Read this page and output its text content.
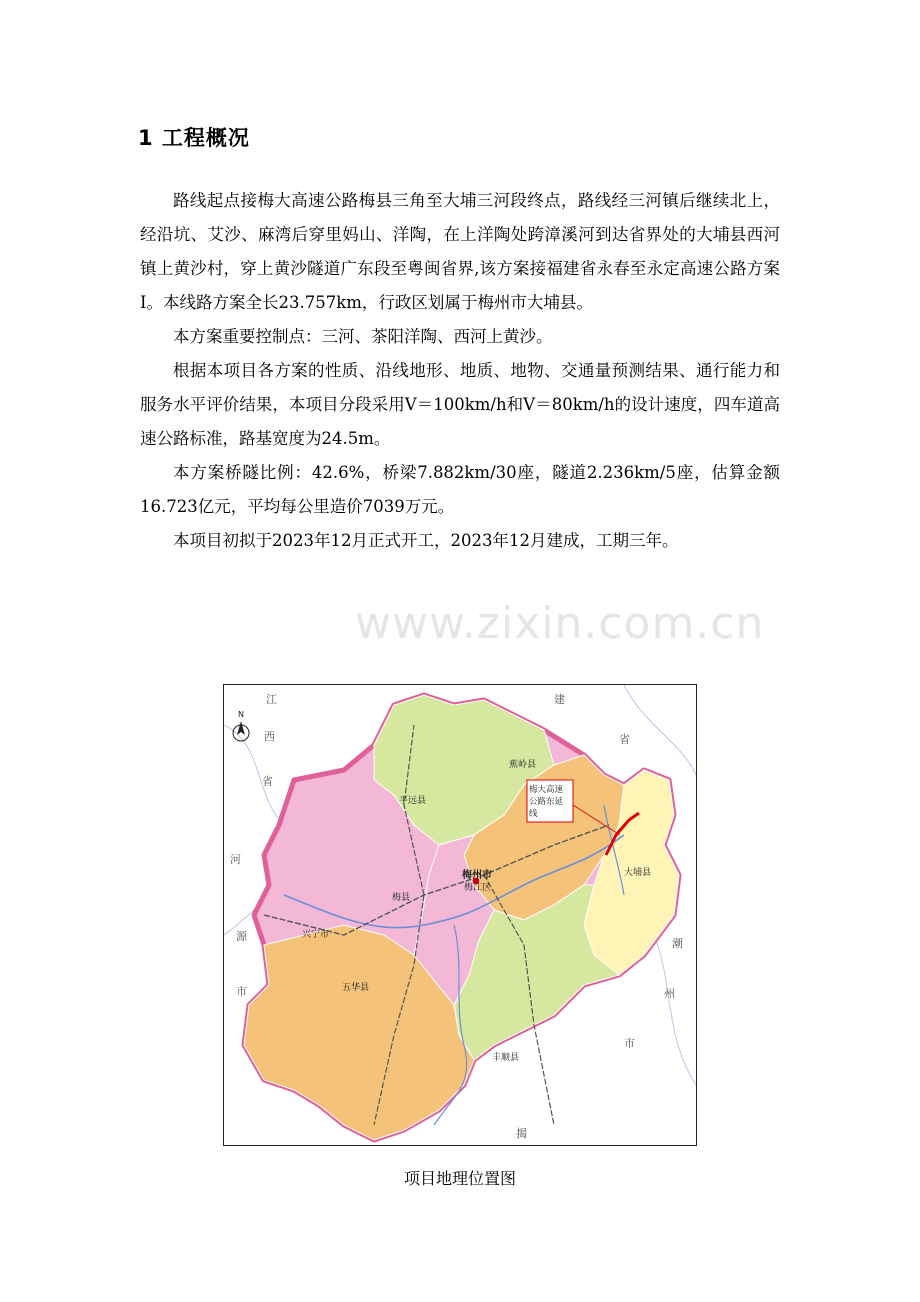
1 工程概况

路线起点接梅大高速公路梅县三角至大埔三河段终点，路线经三河镇后继续北上，经沿坑、艾沙、麻湾后穿里妈山、洋陶，在上洋陶处跨漳溪河到达省界处的大埔县西河镇上黄沙村，穿上黄沙隧道广东段至粤闽省界,该方案接福建省永春至永定高速公路方案Ⅰ。本线路方案全长23.757km，行政区划属于梅州市大埔县。

本方案重要控制点：三河、茶阳洋陶、西河上黄沙。

根据本项目各方案的性质、沿线地形、地质、地物、交通量预测结果、通行能力和服务水平评价结果，本项目分段采用V＝100km/h和V＝80km/h的设计速度，四车道高速公路标准，路基宽度为24.5m。

本方案桥隧比例：42.6%，桥梁7.882km/30座，隧道2.236km/5座，估算金额16.723亿元，平均每公里造价7039万元。

本项目初拟于2023年12月正式开工，2023年12月建成，工期三年。

www.zixin.com.cn
梅大高速
公路东延
线
梅州市
梅江区
平远县
蕉岭县
大埔县
五华县
丰顺县
兴宁市
梅县
江
西
省
河
源
市
建
省
潮
州
市
揭
N
项目地理位置图
